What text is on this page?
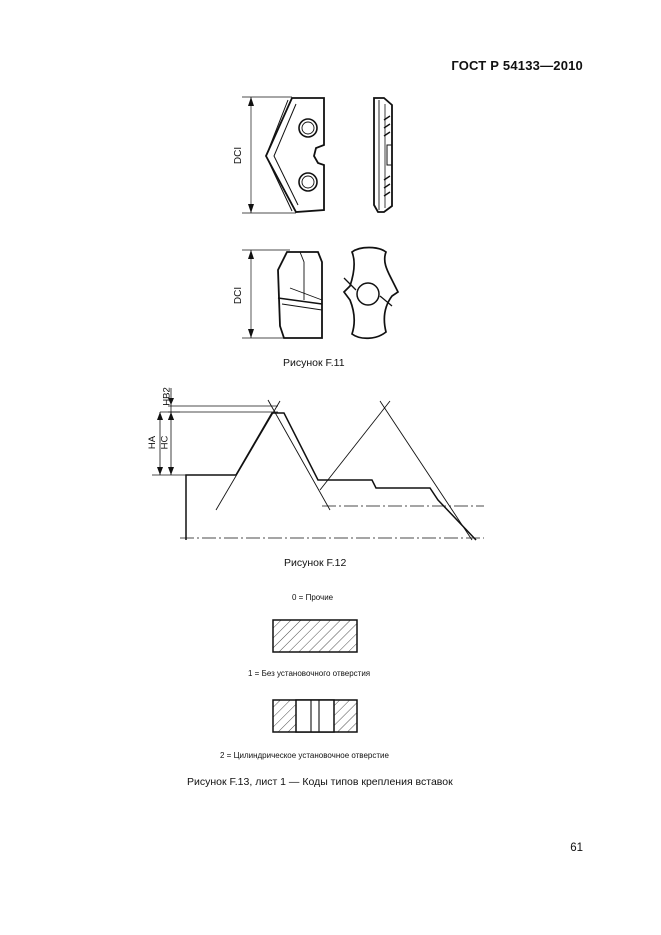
ГОСТ Р 54133—2010
DCI
DCI
Рисунок F.11
HB2
HA HC
Рисунок F.12
0 = Прочие
1 = Без установочного отверстия
2 = Цилиндрическое установочное отверстие
Рисунок F.13, лист 1 — Коды типов крепления вставок
61
